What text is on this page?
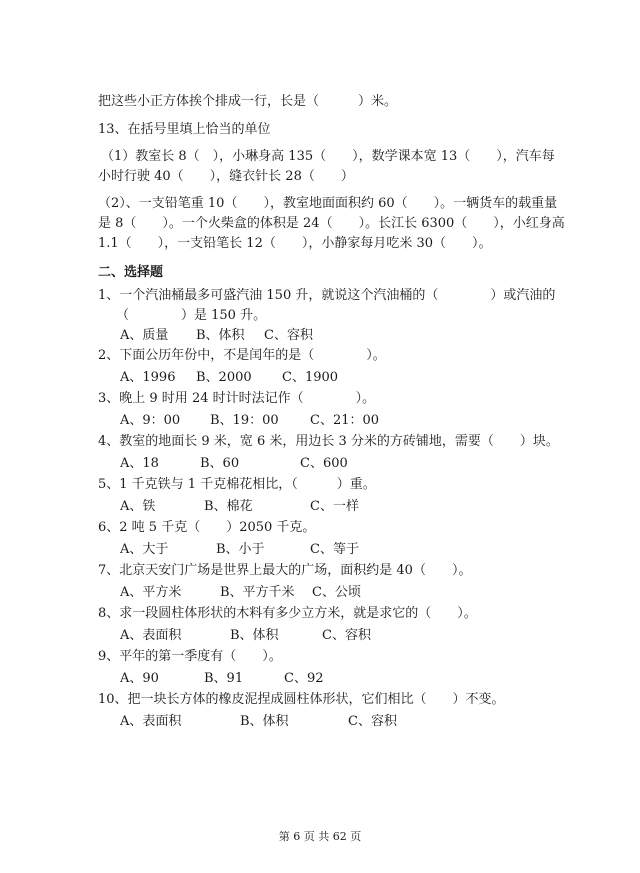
把这些小正方体挨个排成一行，长是（　　　）米。
13、在括号里填上恰当的单位
（1）教室长 8（　），小琳身高 135（　　），数学课本宽 13（　　），汽车每
小时行驶 40（　　），缝衣针长 28（　　）
（2）、一支铅笔重 10（　　），教室地面面积约 60（　　）。一辆货车的载重量
是 8（　　）。一个火柴盒的体积是 24（　　）。长江长 6300（　　），小红身高
1.1（　　），一支铅笔长 12（　　），小静家每月吃米 30（　　）。
二、选择题
1、一个汽油桶最多可盛汽油 150 升，就说这个汽油桶的（　　　　）或汽油的
（　　　　）是 150 升。
A、质量 B、体积 C、容积
2、下面公历年份中，不是闰年的是（　　　　）。
A、1996 B、2000 C、1900
3、晚上 9 时用 24 时计时法记作（　　　　）。
A、9：00 B、19：00 C、21：00
4、教室的地面长 9 米，宽 6 米，用边长 3 分米的方砖铺地，需要（　　）块。
A、18	B、60	C、600
5、1 千克铁与 1 千克棉花相比，（　　　）重。
A、铁	B、棉花	C、一样
6、2 吨 5 千克（　　）2050 千克。
A、大于	B、小于	C、等于
7、北京天安门广场是世界上最大的广场，面积约是 40（　　）。
A、平方米	B、平方千米 C、公顷
8、求一段圆柱体形状的木料有多少立方米，就是求它的（　　）。
A、表面积	B、体积	C、容积
9、平年的第一季度有（　　）。
A、90	B、91	C、92
10、把一块长方体的橡皮泥捏成圆柱体形状，它们相比（　　）不变。
A、表面积	B、体积	C、容积
第 6 页 共 62 页
